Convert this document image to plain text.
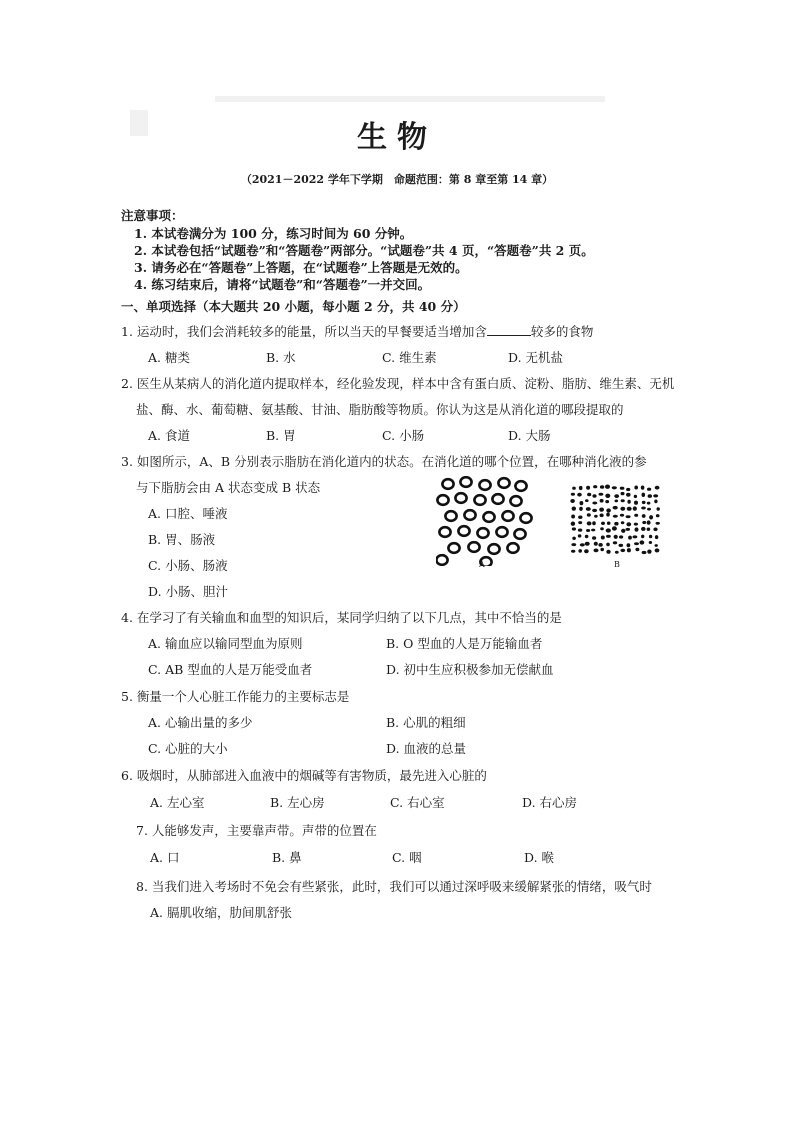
生物
（2021－2022 学年下学期　命题范围：第 8 章至第 14 章）
注意事项：
1. 本试卷满分为 100 分，练习时间为 60 分钟。
2. 本试卷包括“试题卷”和“答题卷”两部分。“试题卷”共 4 页，“答题卷”共 2 页。
3. 请务必在“答题卷”上答题，在“试题卷”上答题是无效的。
4. 练习结束后，请将“试题卷”和“答题卷”一并交回。
一、单项选择（本大题共 20 小题，每小题 2 分，共 40 分）
1. 运动时，我们会消耗较多的能量，所以当天的早餐要适当增加含	较多的食物
A. 糖类	B. 水	C. 维生素	D. 无机盐
2. 医生从某病人的消化道内提取样本，经化验发现，样本中含有蛋白质、淀粉、脂肪、维生素、无机
盐、酶、水、葡萄糖、氨基酸、甘油、脂肪酸等物质。你认为这是从消化道的哪段提取的
A. 食道	B. 胃	C. 小肠	D. 大肠
3. 如图所示，A、B 分别表示脂肪在消化道内的状态。在消化道的哪个位置，在哪种消化液的参
与下脂肪会由 A 状态变成 B 状态
A. 口腔、唾液
B. 胃、肠液
C. 小肠、肠液
D. 小肠、胆汁
A	B
4. 在学习了有关输血和血型的知识后，某同学归纳了以下几点，其中不恰当的是
A. 输血应以输同型血为原则	B. O 型血的人是万能输血者
C. AB 型血的人是万能受血者	D. 初中生应积极参加无偿献血
5. 衡量一个人心脏工作能力的主要标志是
A. 心输出量的多少	B. 心肌的粗细
C. 心脏的大小	D. 血液的总量
6. 吸烟时，从肺部进入血液中的烟碱等有害物质，最先进入心脏的
A. 左心室	B. 左心房	C. 右心室	D. 右心房
7. 人能够发声，主要靠声带。声带的位置在
A. 口	B. 鼻	C. 咽	D. 喉
8. 当我们进入考场时不免会有些紧张，此时，我们可以通过深呼吸来缓解紧张的情绪，吸气时
A. 膈肌收缩，肋间肌舒张
